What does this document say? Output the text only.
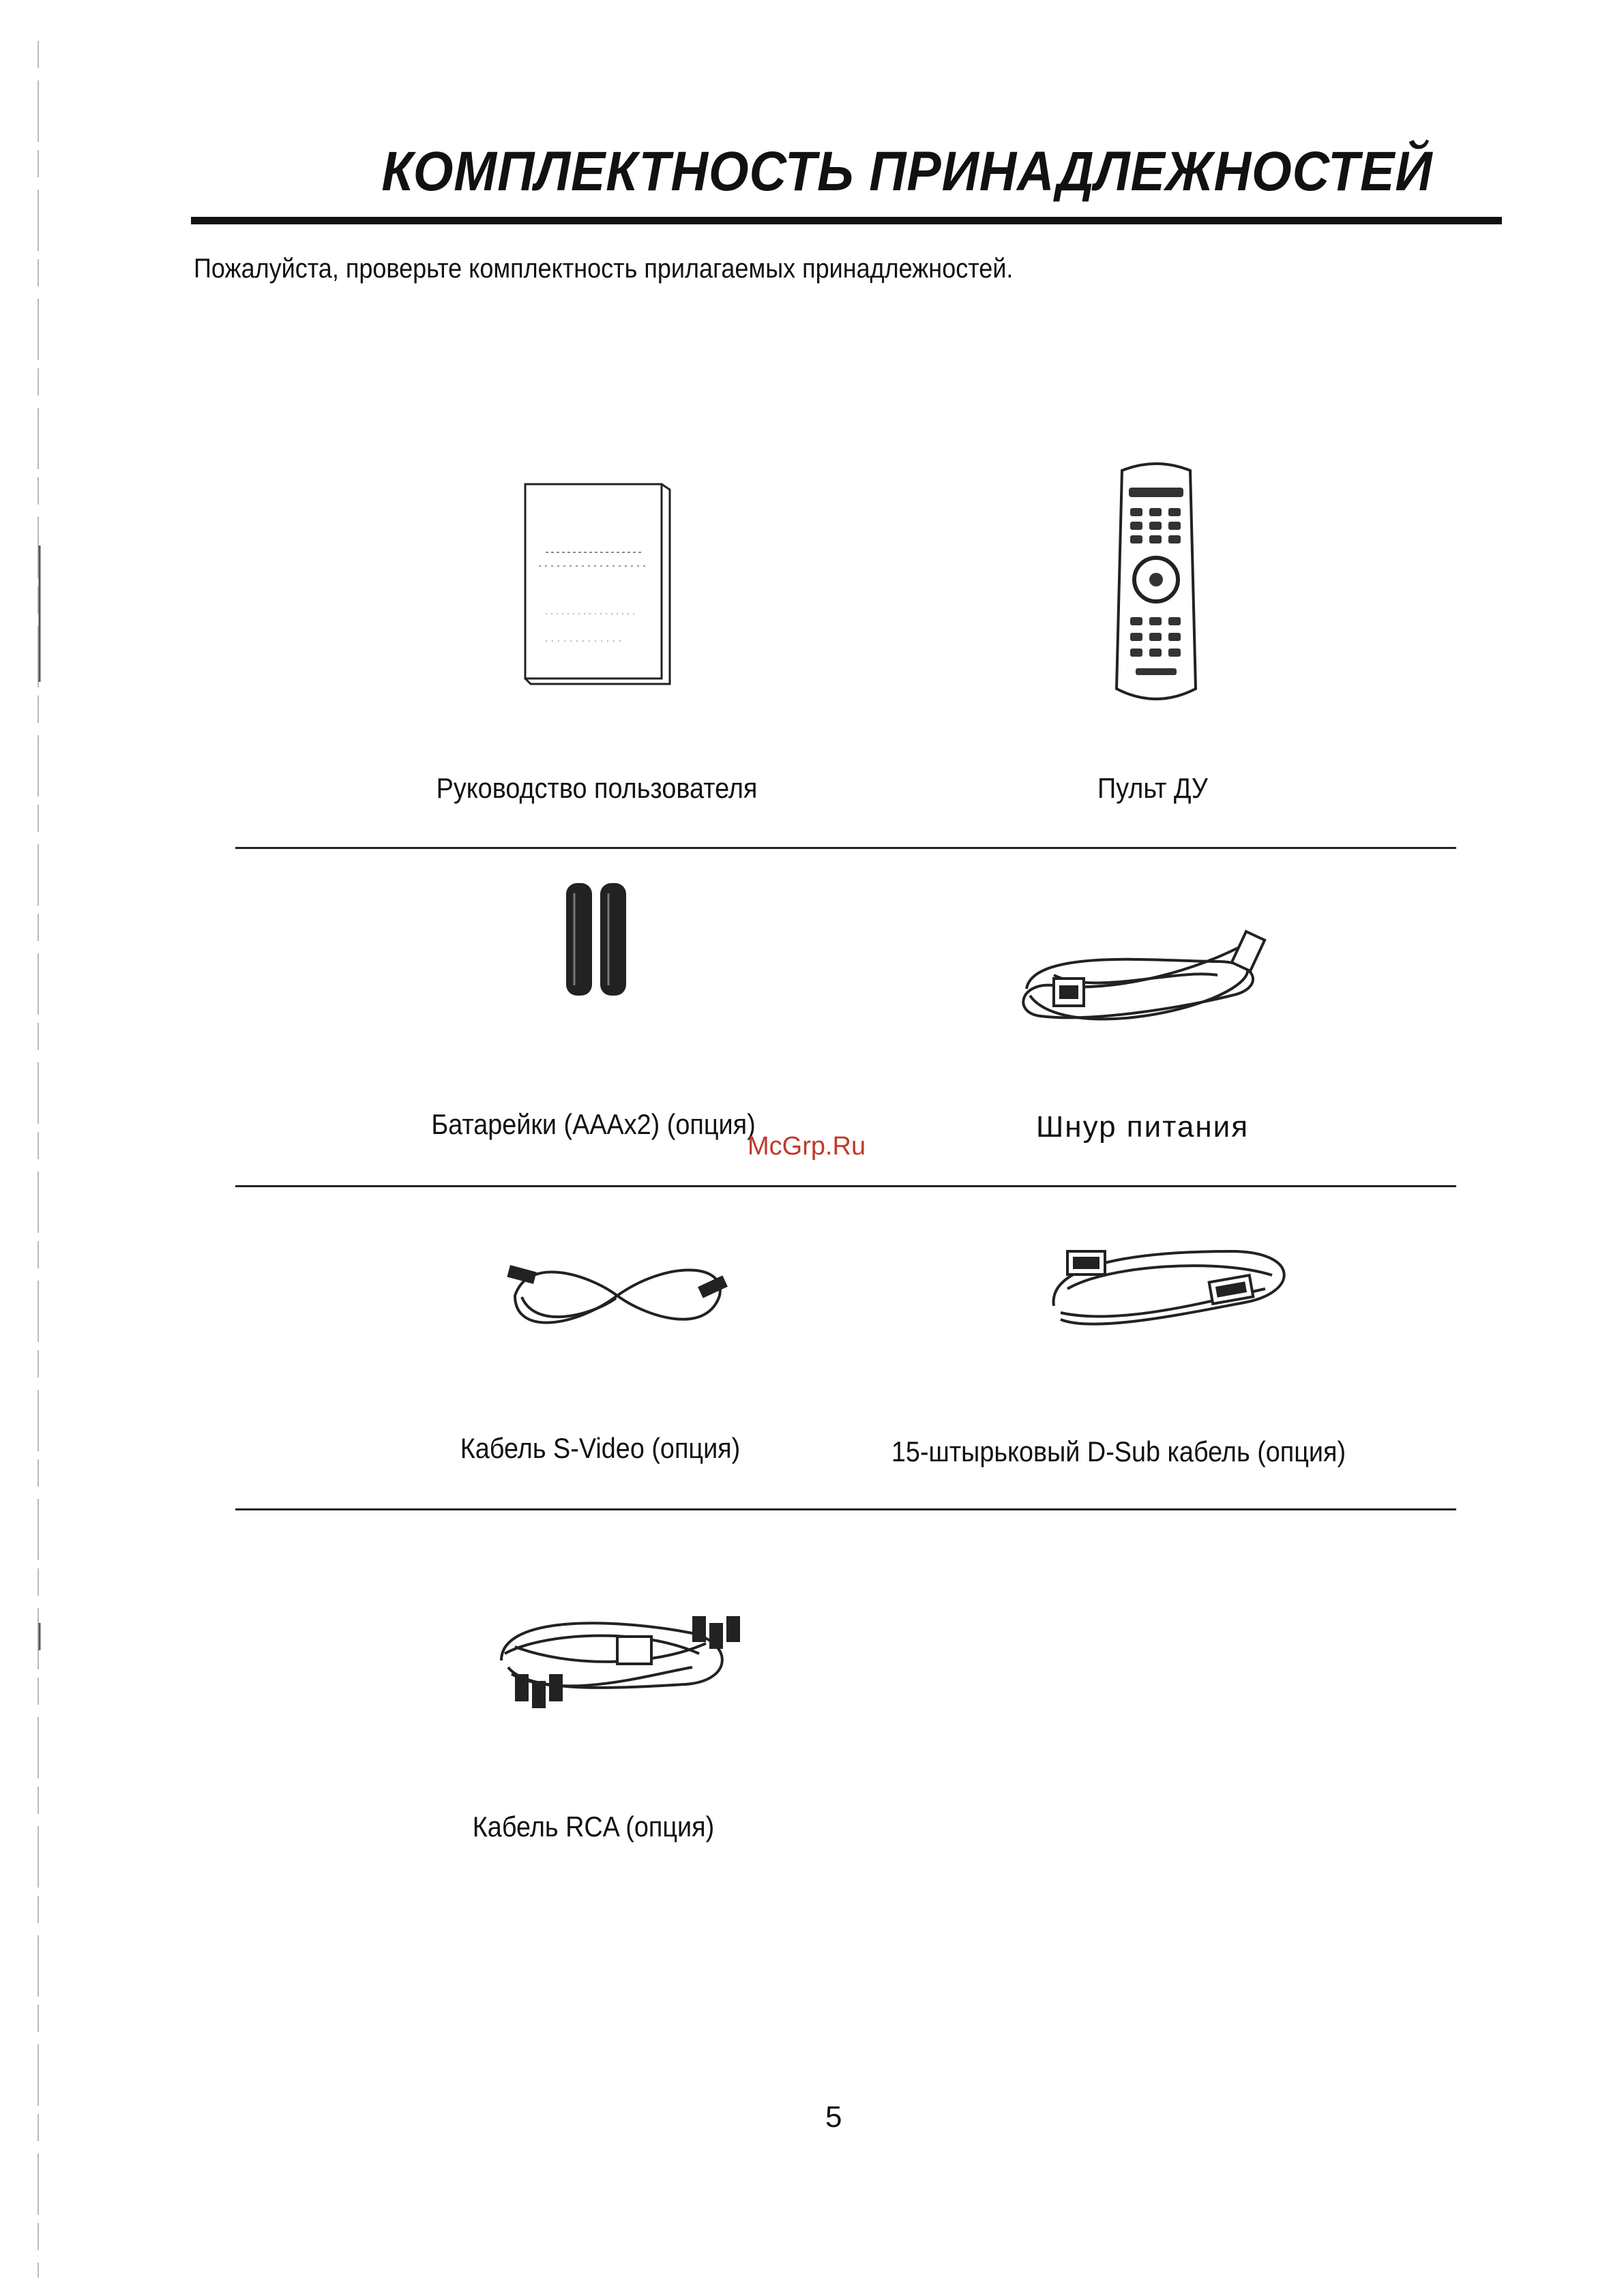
КОМПЛЕКТНОСТЬ ПРИНАДЛЕЖНОСТЕЙ
Пожалуйста, проверьте комплектность прилагаемых принадлежностей.
Руководство пользователя	Пульт ДУ
Батарейки (AAAx2) (опция)	Шнур питания
McGrp.Ru
Кабель S-Video (опция)	15-штырьковый D-Sub кабель (опция)
Кабель RCA (опция)
5
